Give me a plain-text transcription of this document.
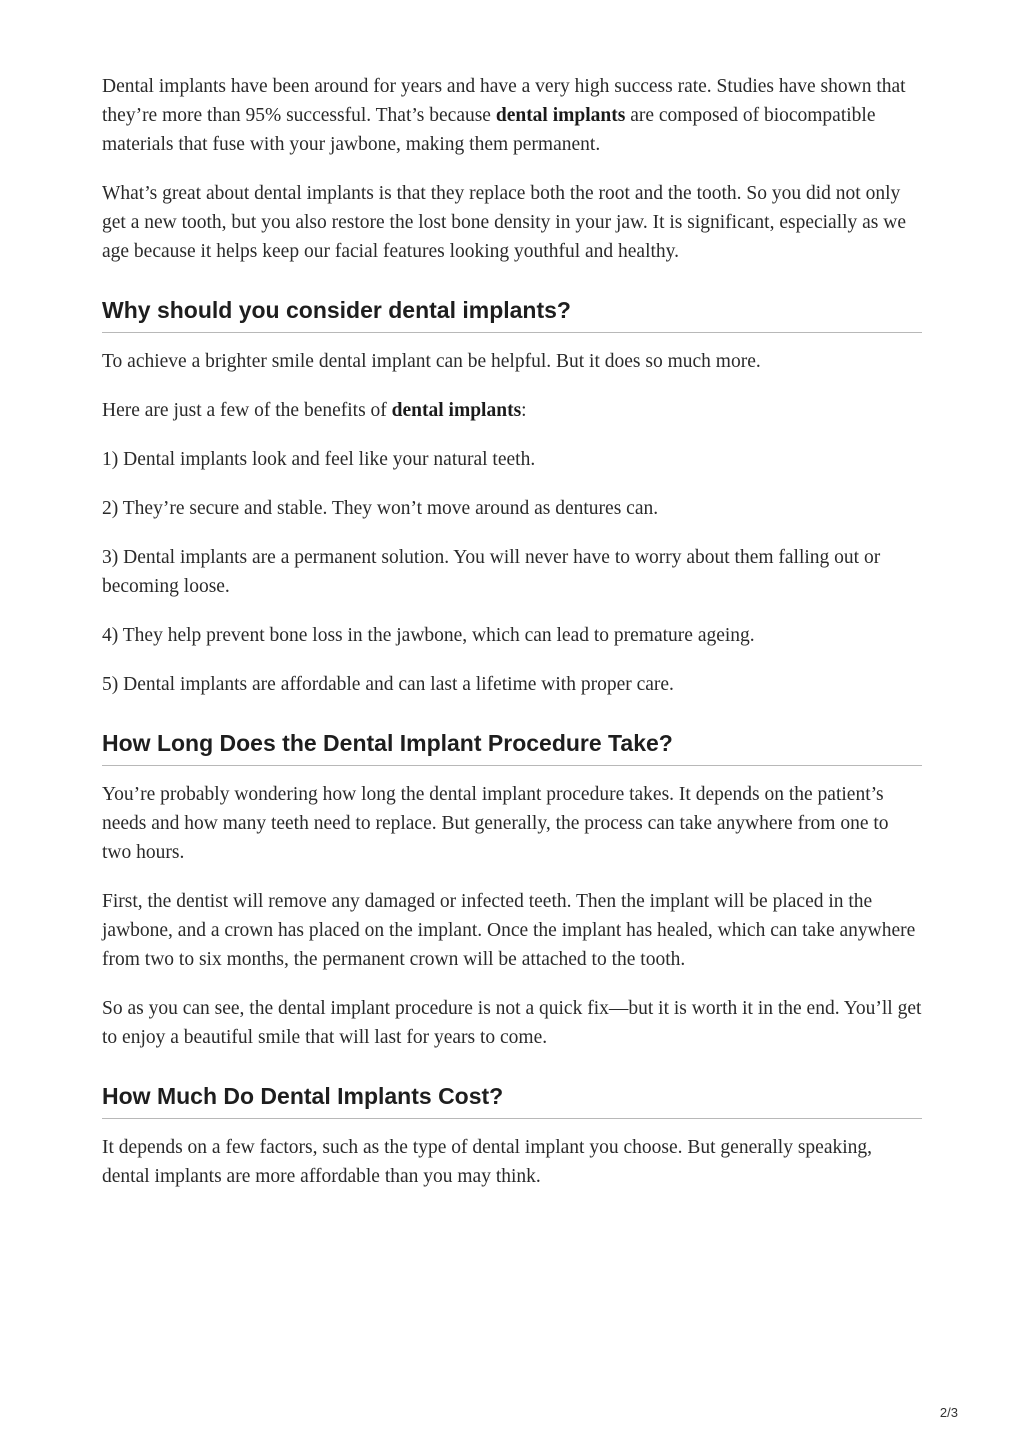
Dental implants have been around for years and have a very high success rate. Studies have shown that they’re more than 95% successful. That’s because dental implants are composed of biocompatible materials that fuse with your jawbone, making them permanent.

What’s great about dental implants is that they replace both the root and the tooth. So you did not only get a new tooth, but you also restore the lost bone density in your jaw. It is significant, especially as we age because it helps keep our facial features looking youthful and healthy.

Why should you consider dental implants?

To achieve a brighter smile dental implant can be helpful. But it does so much more.

Here are just a few of the benefits of dental implants:

1) Dental implants look and feel like your natural teeth.

2) They’re secure and stable. They won’t move around as dentures can.

3) Dental implants are a permanent solution. You will never have to worry about them falling out or becoming loose.

4) They help prevent bone loss in the jawbone, which can lead to premature ageing.

5) Dental implants are affordable and can last a lifetime with proper care.

How Long Does the Dental Implant Procedure Take?

You’re probably wondering how long the dental implant procedure takes. It depends on the patient’s needs and how many teeth need to replace. But generally, the process can take anywhere from one to two hours.

First, the dentist will remove any damaged or infected teeth. Then the implant will be placed in the jawbone, and a crown has placed on the implant. Once the implant has healed, which can take anywhere from two to six months, the permanent crown will be attached to the tooth.

So as you can see, the dental implant procedure is not a quick fix—but it is worth it in the end. You’ll get to enjoy a beautiful smile that will last for years to come.

How Much Do Dental Implants Cost?

It depends on a few factors, such as the type of dental implant you choose. But generally speaking, dental implants are more affordable than you may think.

2/3
